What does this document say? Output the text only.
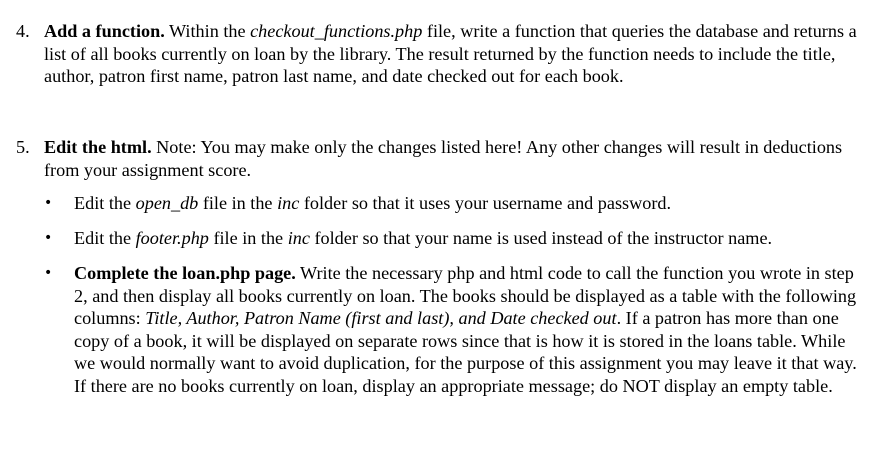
4. Add a function. Within the checkout_functions.php file, write a function that queries the database and returns a list of all books currently on loan by the library. The result returned by the function needs to include the title, author, patron first name, patron last name, and date checked out for each book.
5. Edit the html. Note: You may make only the changes listed here! Any other changes will result in deductions from your assignment score.
• Edit the open_db file in the inc folder so that it uses your username and password.
• Edit the footer.php file in the inc folder so that your name is used instead of the instructor name.
• Complete the loan.php page. Write the necessary php and html code to call the function you wrote in step 2, and then display all books currently on loan. The books should be displayed as a table with the following columns: Title, Author, Patron Name (first and last), and Date checked out. If a patron has more than one copy of a book, it will be displayed on separate rows since that is how it is stored in the loans table. While we would normally want to avoid duplication, for the purpose of this assignment you may leave it that way. If there are no books currently on loan, display an appropriate message; do NOT display an empty table.
